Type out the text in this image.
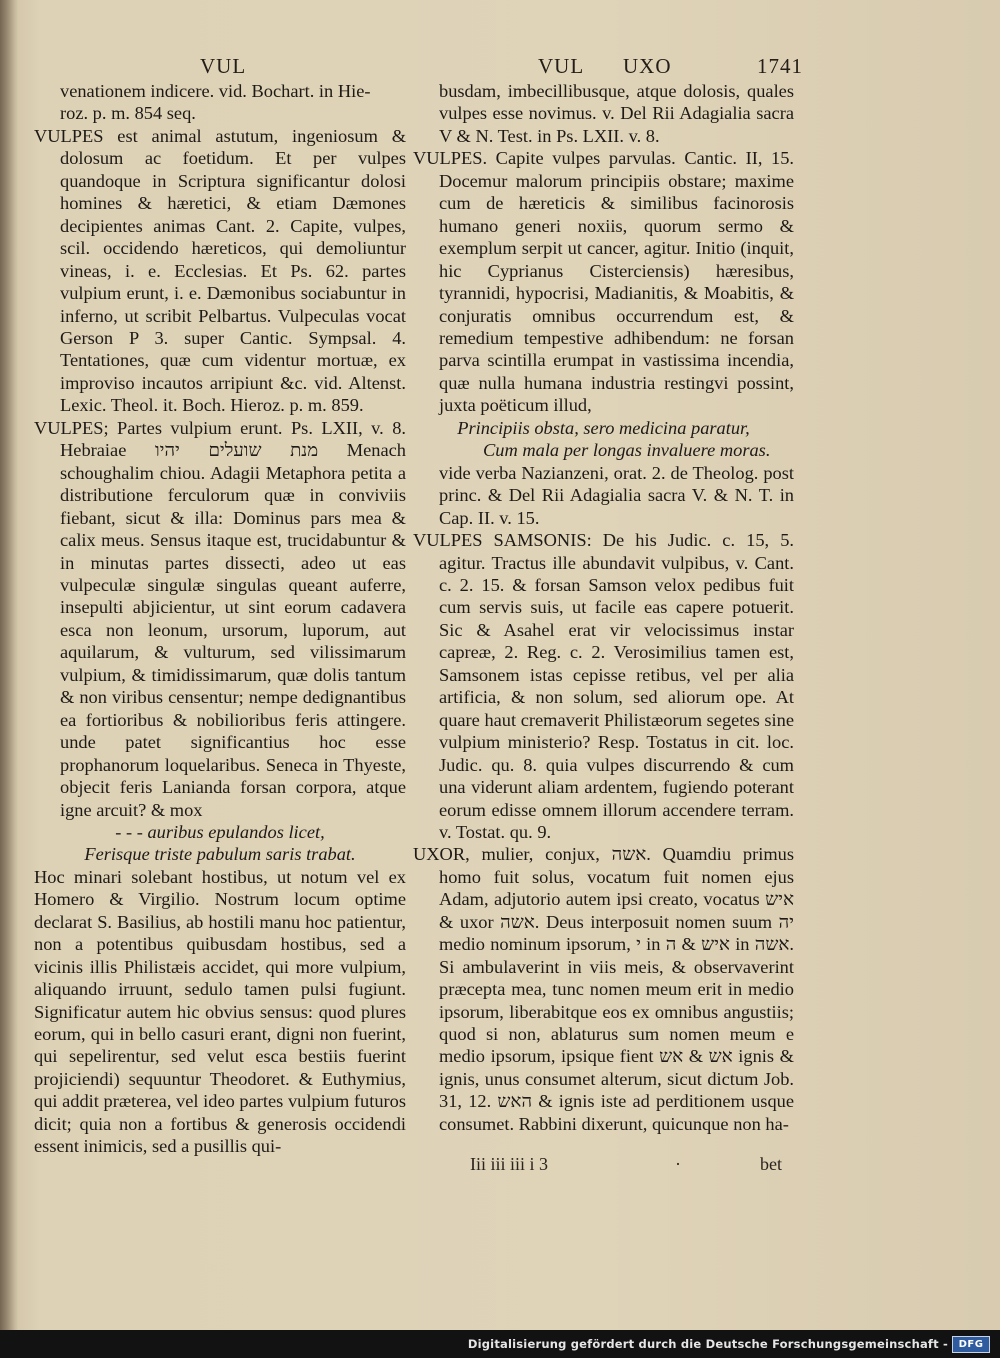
VUL	VUL UXO	1741

venationem indicere. vid. Bochart. in Hie-

roz. p. m. 854 seq.

VULPES est animal astutum, ingeniosum & dolosum ac foetidum. Et per vulpes quandoque in Scriptura significantur dolosi homines & hæretici, & etiam Dæmones decipientes animas Cant. 2. Capite, vulpes, scil. occidendo hæreticos, qui demoliuntur vineas, i. e. Ecclesias. Et Ps. 62. partes vulpium erunt, i. e. Dæmonibus sociabuntur in inferno, ut scribit Pelbartus. Vulpeculas vocat Gerson P 3. super Cantic. Sympsal. 4. Tentationes, quæ cum videntur mortuæ, ex improviso incautos arripiunt &c. vid. Altenst. Lexic. Theol. it. Boch. Hieroz. p. m. 859.

VULPES; Partes vulpium erunt. Ps. LXII, v. 8. Hebraiae מנת שועלים יהיו Menach schoughalim chiou. Adagii Metaphora petita a distributione ferculorum quæ in conviviis fiebant, sicut & illa: Dominus pars mea & calix meus. Sensus itaque est, trucidabuntur & in minutas partes dissecti, adeo ut eas vulpeculæ singulæ singulas queant auferre, insepulti abjicientur, ut sint eorum cadavera esca non leonum, ursorum, luporum, aut aquilarum, & vulturum, sed vilissimarum vulpium, & timidissimarum, quæ dolis tantum & non viribus censentur; nempe dedignantibus ea fortioribus & nobilioribus feris attingere. unde patet significantius hoc esse prophanorum loquelaribus. Seneca in Thyeste, objecit feris Lanianda forsan corpora, atque igne arcuit? & mox

- - - auribus epulandos licet,

Ferisque triste pabulum saris trabat.

Hoc minari solebant hostibus, ut notum vel ex Homero & Virgilio. Nostrum locum optime declarat S. Basilius, ab hostili manu hoc patientur, non a potentibus quibusdam hostibus, sed a vicinis illis Philistæis accidet, qui more vulpium, aliquando irruunt, sedulo tamen pulsi fugiunt. Significatur autem hic obvius sensus: quod plures eorum, qui in bello casuri erant, digni non fuerint, qui sepelirentur, sed velut esca bestiis fuerint projiciendi) sequuntur Theodoret. & Euthymius, qui addit præterea, vel ideo partes vulpium futuros dicit; quia non a fortibus & generosis occidendi essent inimicis, sed a pusillis qui-

busdam, imbecillibusque, atque dolosis, quales vulpes esse novimus. v. Del Rii Adagialia sacra V & N. Test. in Ps. LXII. v. 8.

VULPES. Capite vulpes parvulas. Cantic. II, 15. Docemur malorum principiis obstare; maxime cum de hæreticis & similibus facinorosis humano generi noxiis, quorum sermo & exemplum serpit ut cancer, agitur. Initio (inquit, hic Cyprianus Cisterciensis) hæresibus, tyrannidi, hypocrisi, Madianitis, & Moabitis, & conjuratis omnibus occurrendum est, & remedium tempestive adhibendum: ne forsan parva scintilla erumpat in vastissima incendia, quæ nulla humana industria restingvi possint, juxta poëticum illud,

Principiis obsta, sero medicina paratur,

Cum mala per longas invaluere moras.

vide verba Nazianzeni, orat. 2. de Theolog. post princ. & Del Rii Adagialia sacra V. & N. T. in Cap. II. v. 15.

VULPES SAMSONIS: De his Judic. c. 15, 5. agitur. Tractus ille abundavit vulpibus, v. Cant. c. 2. 15. & forsan Samson velox pedibus fuit cum servis suis, ut facile eas capere potuerit. Sic & Asahel erat vir velocissimus instar capreæ, 2. Reg. c. 2. Verosimilius tamen est, Samsonem istas cepisse retibus, vel per alia artificia, & non solum, sed aliorum ope. At quare haut cremaverit Philistæorum segetes sine vulpium ministerio? Resp. Tostatus in cit. loc. Judic. qu. 8. quia vulpes discurrendo & cum una viderunt aliam ardentem, fugiendo poterant eorum edisse omnem illorum accendere terram. v. Tostat. qu. 9.

UXOR, mulier, conjux, אשה. Quamdiu primus homo fuit solus, vocatum fuit nomen ejus Adam, adjutorio autem ipsi creato, vocatus איש & uxor אשה. Deus interposuit nomen suum יה medio nominum ipsorum, י in איש & ה in אשה. Si ambulaverint in viis meis, & observaverint præcepta mea, tunc nomen meum erit in medio ipsorum, liberabitque eos ex omnibus angustiis; quod si non, ablaturus sum nomen meum e medio ipsorum, ipsique fient אש & אש ignis & ignis, unus consumet alterum, sicut dictum Job. 31, 12. האש & ignis iste ad perditionem usque consumet. Rabbini dixerunt, quicunque non ha-

Iii iii iii i 3	·	bet
Digitalisierung gefördert durch die Deutsche Forschungsgemeinschaft -	DFG
